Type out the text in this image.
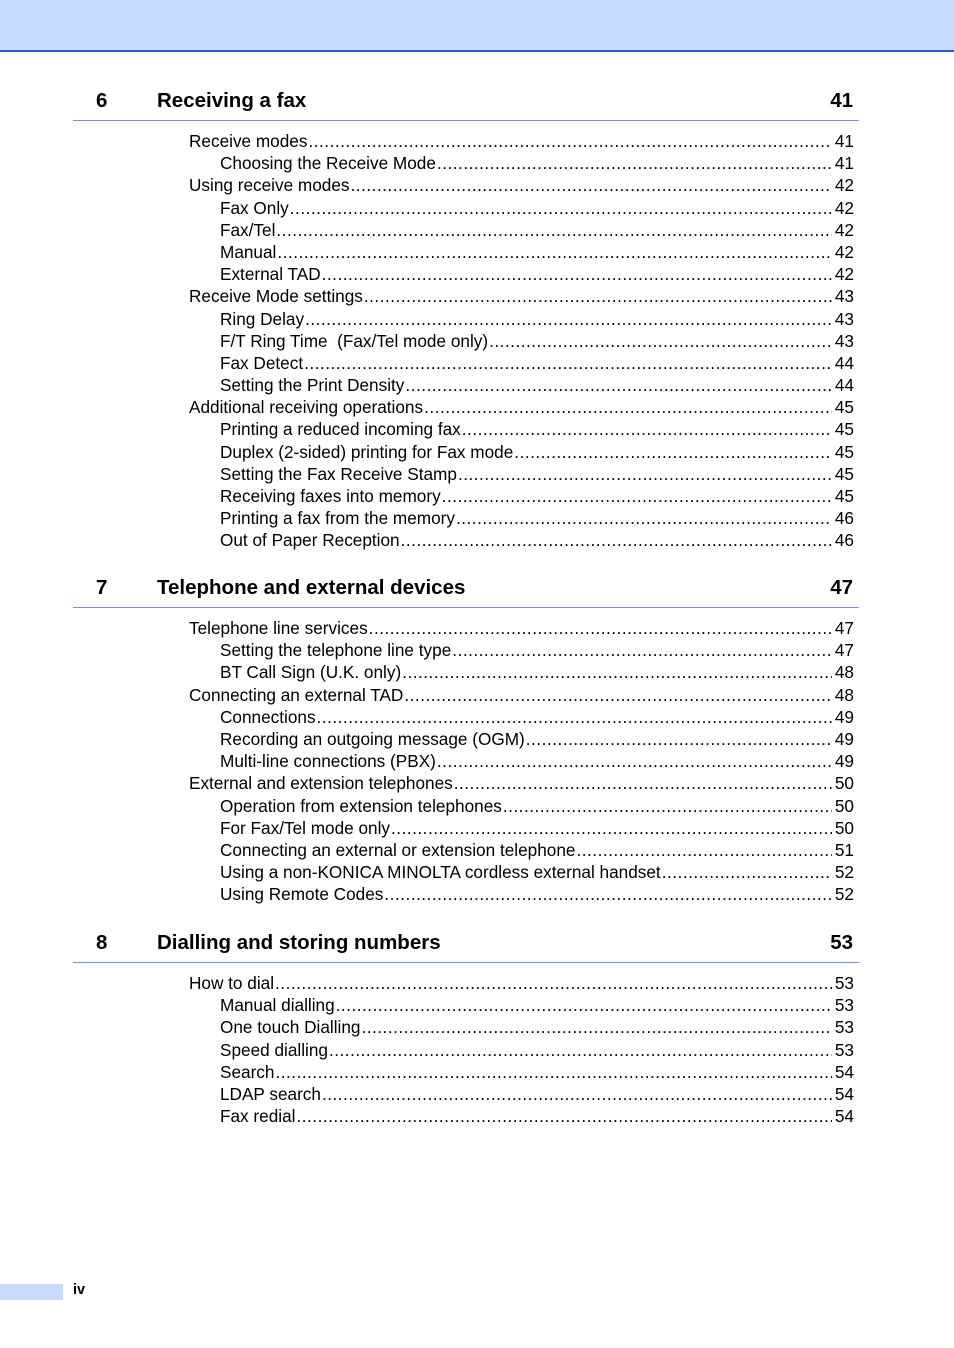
6 Receiving a fax	41
Receive modes .....	41
Choosing the Receive Mode .....	41
Using receive modes .....	42
Fax Only .....	42
Fax/Tel .....	42
Manual .....	42
External TAD .....	42
Receive Mode settings .....	43
Ring Delay .....	43
F/T Ring Time  (Fax/Tel mode only) .....	43
Fax Detect .....	44
Setting the Print Density .....	44
Additional receiving operations .....	45
Printing a reduced incoming fax .....	45
Duplex (2-sided) printing for Fax mode .....	45
Setting the Fax Receive Stamp .....	45
Receiving faxes into memory .....	45
Printing a fax from the memory .....	46
Out of Paper Reception .....	46
7 Telephone and external devices	47
Telephone line services .....	47
Setting the telephone line type .....	47
BT Call Sign (U.K. only) .....	48
Connecting an external TAD .....	48
Connections .....	49
Recording an outgoing message (OGM) .....	49
Multi-line connections (PBX) .....	49
External and extension telephones .....	50
Operation from extension telephones .....	50
For Fax/Tel mode only .....	50
Connecting an external or extension telephone .....	51
Using a non-KONICA MINOLTA cordless external handset .....	52
Using Remote Codes .....	52
8 Dialling and storing numbers	53
How to dial .....	53
Manual dialling .....	53
One touch Dialling .....	53
Speed dialling .....	53
Search .....	54
LDAP search .....	54
Fax redial .....	54
iv
